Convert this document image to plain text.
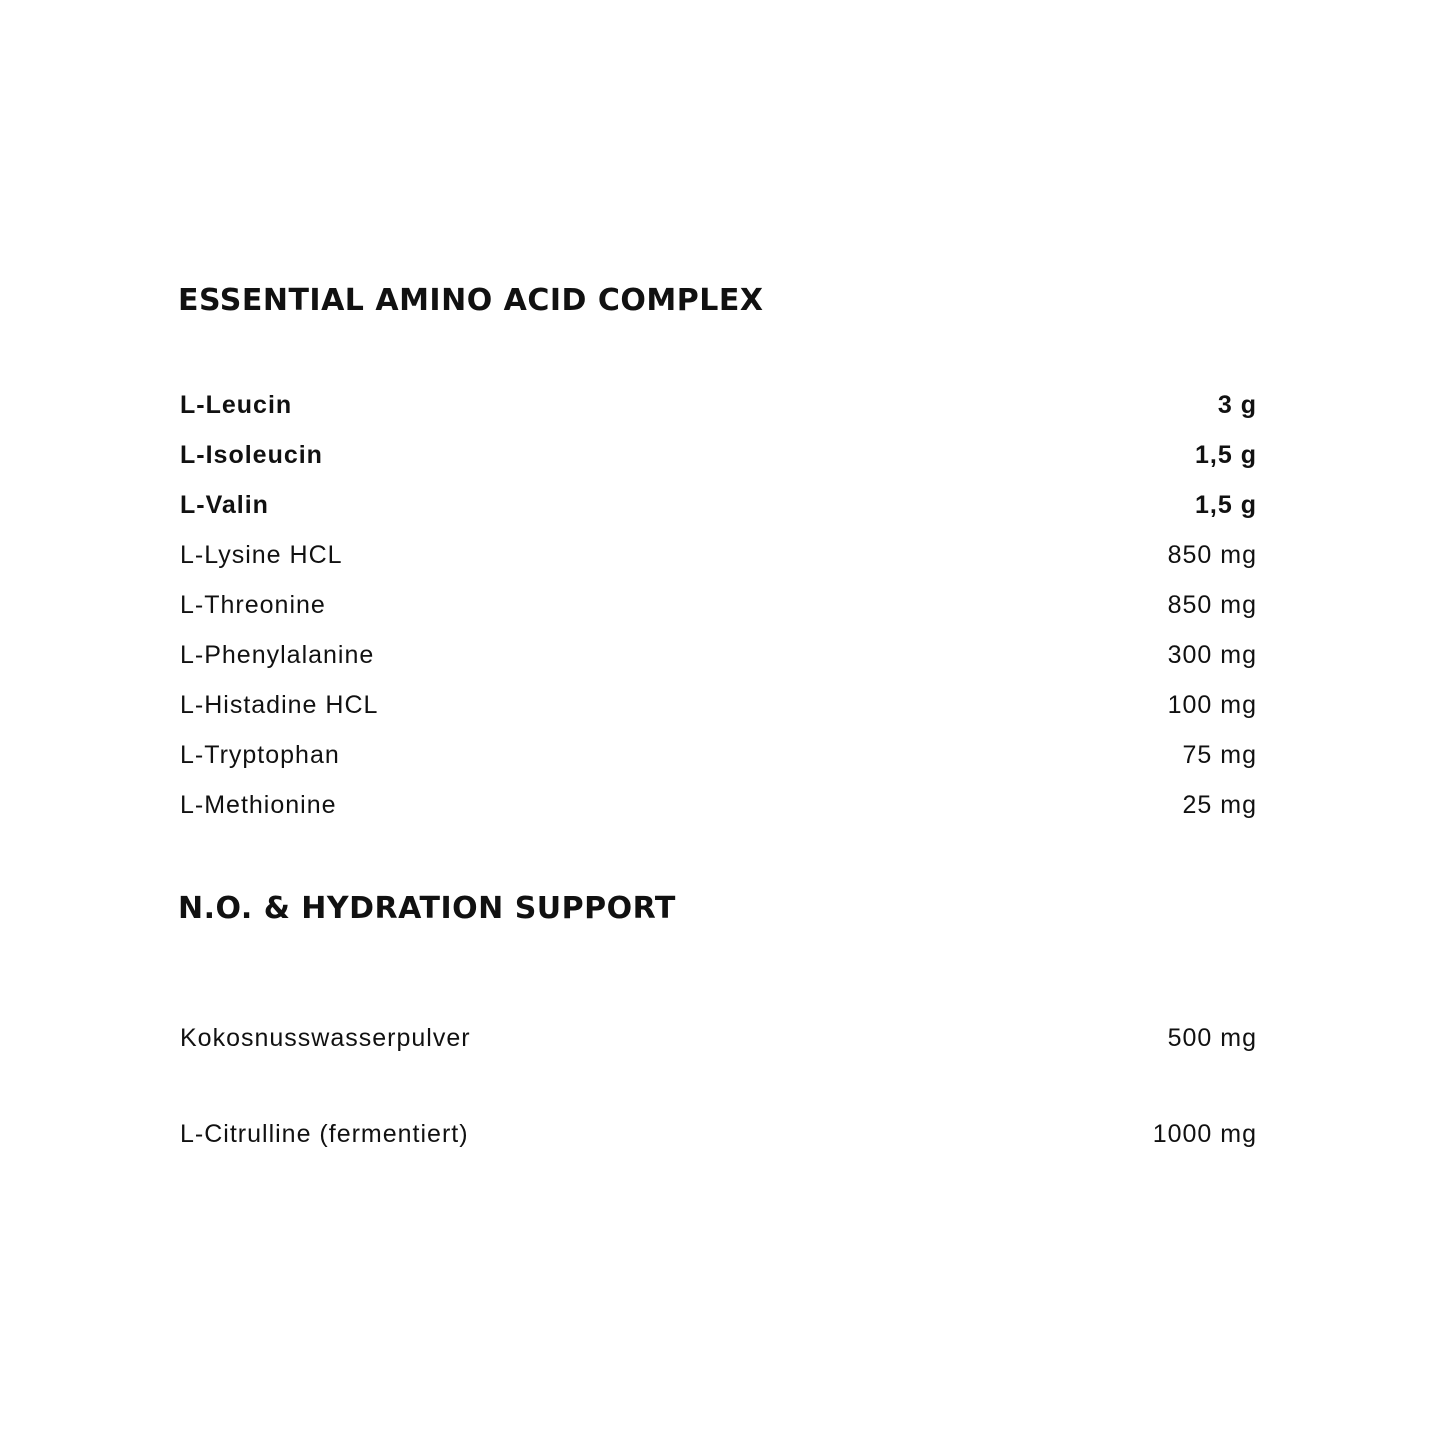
ESSENTIAL AMINO ACID COMPLEX
L-Leucin	3 g
L-Isoleucin	1,5 g
L-Valin	1,5 g
L-Lysine HCL	850 mg
L-Threonine	850 mg
L-Phenylalanine	300 mg
L-Histadine HCL	100 mg
L-Tryptophan	75 mg
L-Methionine	25 mg
N.O. & HYDRATION SUPPORT
Kokosnusswasserpulver	500 mg
L-Citrulline (fermentiert)	1000 mg
